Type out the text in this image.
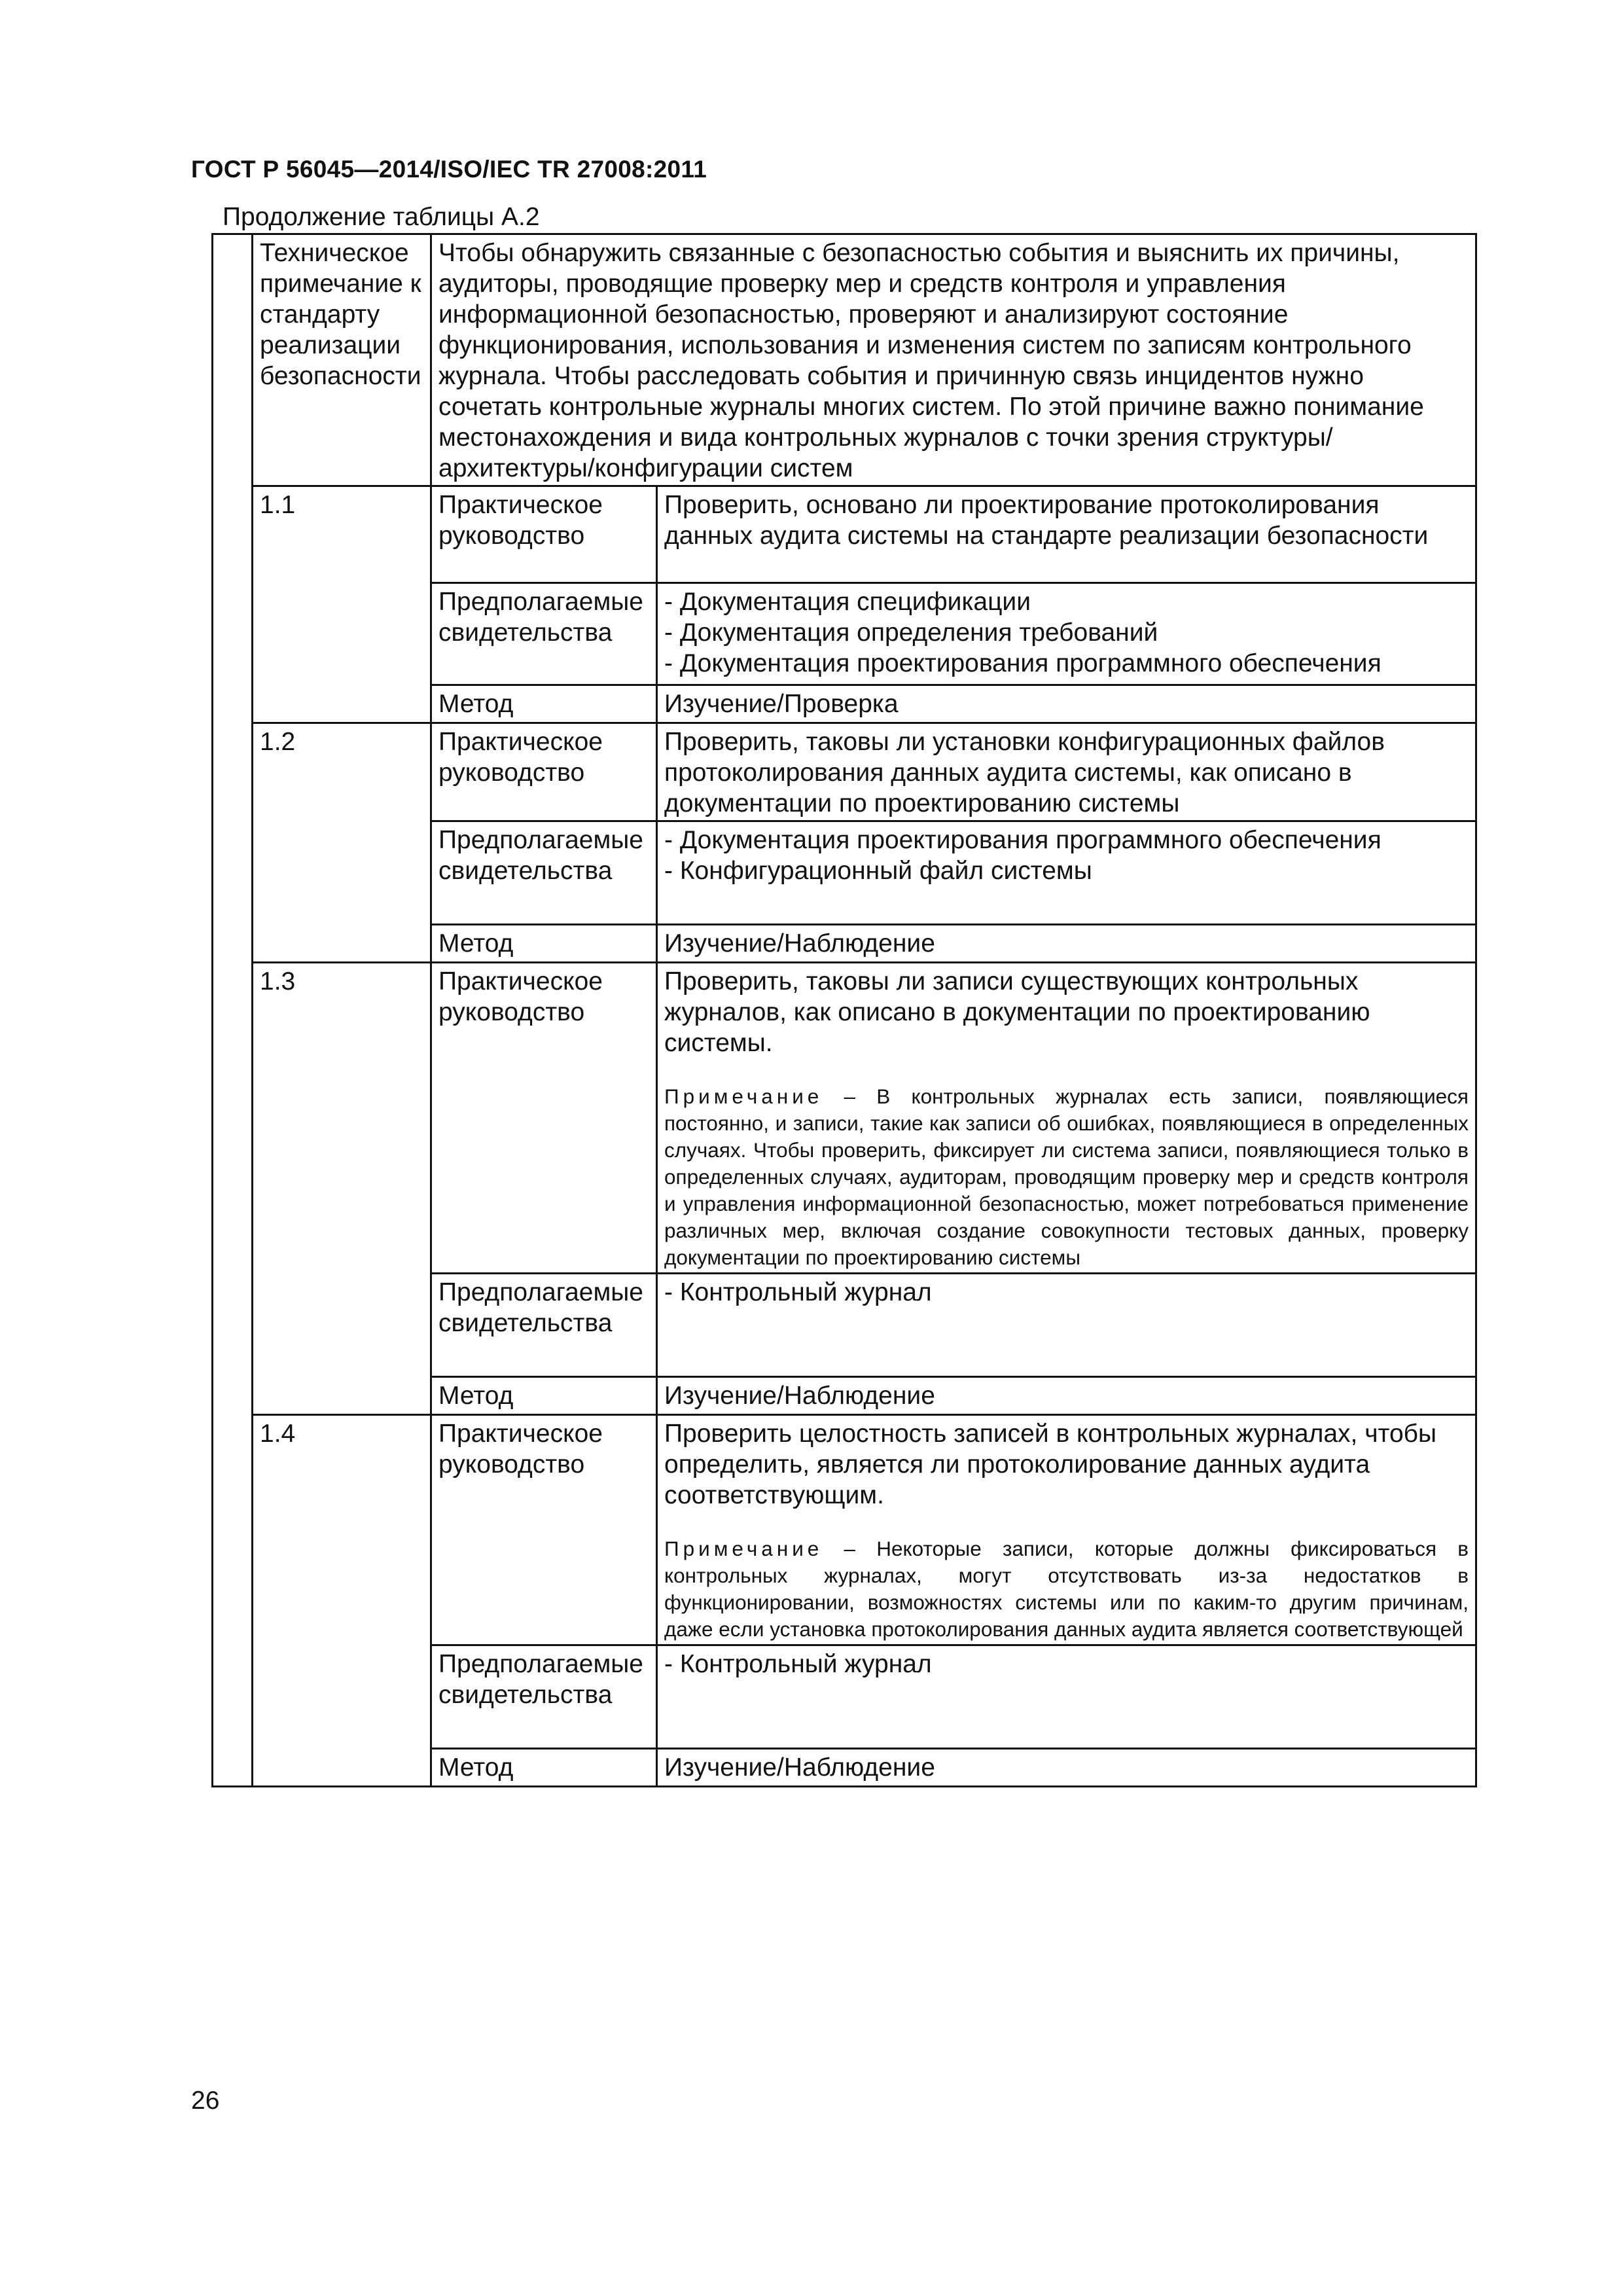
ГОСТ Р 56045—2014/ISO/IEC TR 27008:2011
Продолжение таблицы А.2
	Техническое примечание к стандарту реализации безопасности	Чтобы обнаружить связанные с безопасностью события и выяснить их причины, аудиторы, проводящие проверку мер и средств контроля и управления информационной безопасностью, проверяют и анализируют состояние функционирования, использования и изменения систем по записям контрольного журнала. Чтобы расследовать события и причинную связь инцидентов нужно сочетать контрольные журналы многих систем. По этой причине важно понимание местонахождения и вида контрольных журналов с точки зрения структуры/архитектуры/конфигурации систем	
	1.1	Практическое руководство	Проверить, основано ли проектирование протоколирования данных аудита системы на стандарте реализации безопасности
		Предполагаемые свидетельства	- Документация спецификации
- Документация определения требований
- Документация проектирования программного обеспечения

		Метод	Изучение/Проверка
	1.2	Практическое руководство	Проверить, таковы ли установки конфигурационных файлов протоколирования данных аудита системы, как описано в документации по проектированию системы
		Предполагаемые свидетельства	- Документация проектирования программного обеспечения
- Конфигурационный файл системы

		Метод	Изучение/Наблюдение
	1.3	Практическое руководство	Проверить, таковы ли записи существующих контрольных журналов, как описано в документации по проектированию системы.
Примечание – В контрольных журналах есть записи, появляющиеся постоянно, и записи, такие как записи об ошибках, появляющиеся в определенных случаях. Чтобы проверить, фиксирует ли система записи, появляющиеся только в определенных случаях, аудиторам, проводящим проверку мер и средств контроля и управления информационной безопасностью, может потребоваться применение различных мер, включая создание совокупности тестовых данных, проверку документации по проектированию системы

		Предполагаемые свидетельства	- Контрольный журнал

		Метод	Изучение/Наблюдение
	1.4	Практическое руководство	Проверить целостность записей в контрольных журналах, чтобы определить, является ли протоколирование данных аудита соответствующим.
Примечание – Некоторые записи, которые должны фиксироваться в контрольных журналах, могут отсутствовать из-за недостатков в функционировании, возможностях системы или по каким-то другим причинам, даже если установка протоколирования данных аудита является соответствующей

		Предполагаемые свидетельства	- Контрольный журнал

		Метод	Изучение/Наблюдение
26
